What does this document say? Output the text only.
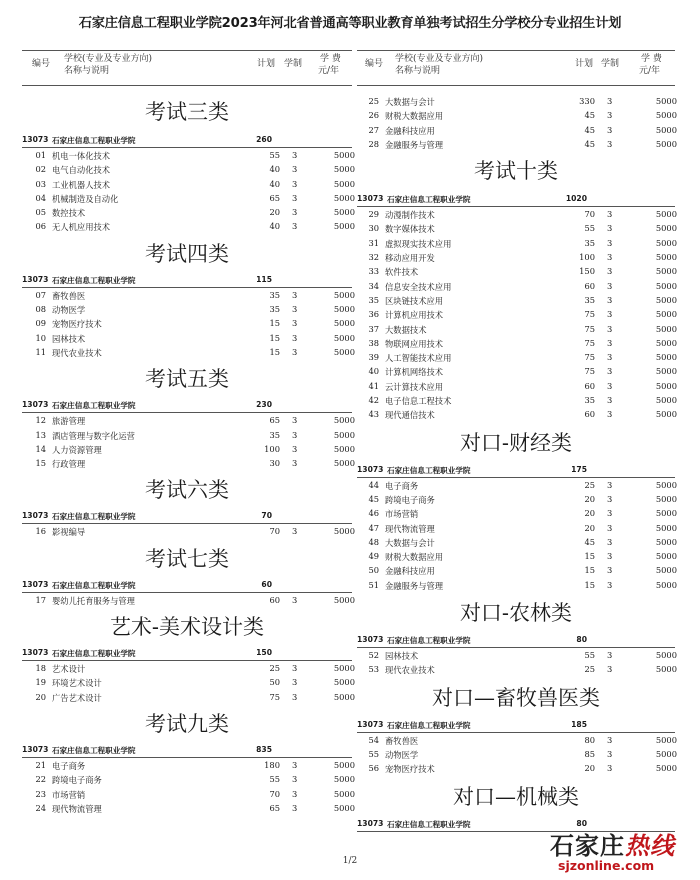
石家庄信息工程职业学院2023年河北省普通高等职业教育单独考试招生分学校分专业招生计划
编号 学校(专业及专业方向)
名称与说明
计划 学制 学 费
元/年
考试三类
13073 石家庄信息工程职业学院	260
01 机电一体化技术	55 3	5000
02 电气自动化技术	40 3	5000
03 工业机器人技术	40 3	5000
04 机械制造及自动化	65 3	5000
05 数控技术	20 3	5000
06 无人机应用技术	40 3	5000
考试四类
13073 石家庄信息工程职业学院	115
07 畜牧兽医	35 3	5000
08 动物医学	35 3	5000
09 宠物医疗技术	15 3	5000
10 园林技术	15 3	5000
11 现代农业技术	15 3	5000
考试五类
13073 石家庄信息工程职业学院	230
12 旅游管理	65 3	5000
13 酒店管理与数字化运营	35 3	5000
14 人力资源管理	100 3	5000
15 行政管理	30 3	5000
考试六类
13073 石家庄信息工程职业学院	70
16 影视编导	70 3	5000
考试七类
13073 石家庄信息工程职业学院	60
17 婴幼儿托育服务与管理	60 3	5000
艺术-美术设计类
13073 石家庄信息工程职业学院	150
18 艺术设计	25 3	5000
19 环境艺术设计	50 3	5000
20 广告艺术设计	75 3	5000
考试九类
13073 石家庄信息工程职业学院	835
21 电子商务	180 3	5000
22 跨境电子商务	55 3	5000
23 市场营销	70 3	5000
24 现代物流管理	65 3	5000
编号 学校(专业及专业方向)
名称与说明
计划 学制 学 费
元/年
25 大数据与会计	330 3	5000
26 财税大数据应用	45 3	5000
27 金融科技应用	45 3	5000
28 金融服务与管理	45 3	5000
考试十类
13073 石家庄信息工程职业学院	1020
29 动漫制作技术	70 3	5000
30 数字媒体技术	55 3	5000
31 虚拟现实技术应用	35 3	5000
32 移动应用开发	100 3	5000
33 软件技术	150 3	5000
34 信息安全技术应用	60 3	5000
35 区块链技术应用	35 3	5000
36 计算机应用技术	75 3	5000
37 大数据技术	75 3	5000
38 物联网应用技术	75 3	5000
39 人工智能技术应用	75 3	5000
40 计算机网络技术	75 3	5000
41 云计算技术应用	60 3	5000
42 电子信息工程技术	35 3	5000
43 现代通信技术	60 3	5000
对口-财经类
13073 石家庄信息工程职业学院	175
44 电子商务	25 3	5000
45 跨境电子商务	20 3	5000
46 市场营销	20 3	5000
47 现代物流管理	20 3	5000
48 大数据与会计	45 3	5000
49 财税大数据应用	15 3	5000
50 金融科技应用	15 3	5000
51 金融服务与管理	15 3	5000
对口-农林类
13073 石家庄信息工程职业学院	80
52 园林技术	55 3	5000
53 现代农业技术	25 3	5000
对口—畜牧兽医类
13073 石家庄信息工程职业学院	185
54 畜牧兽医	80 3	5000
55 动物医学	85 3	5000
56 宠物医疗技术	20 3	5000
对口—机械类
13073 石家庄信息工程职业学院	80
1/2
石家庄热线
sjzonline.com
